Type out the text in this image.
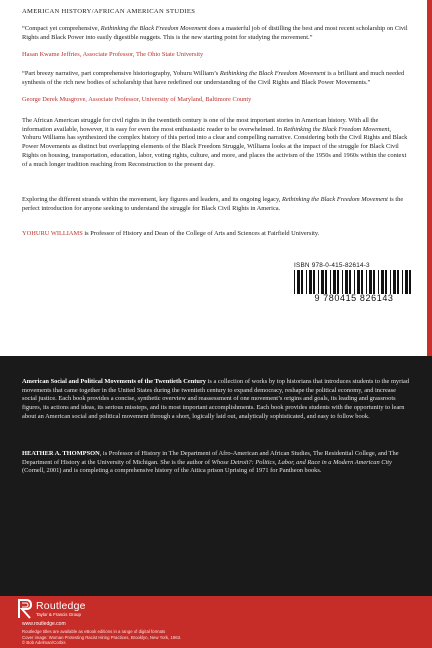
AMERICAN HISTORY/AFRICAN AMERICAN STUDIES

“Compact yet comprehensive, Rethinking the Black Freedom Movement does a masterful job of distilling the best and most recent scholarship on Civil Rights and Black Power into easily digestible nuggets. This is the new starting point for studying the movement.”

Hasan Kwame Jeffries, Associate Professor, The Ohio State University

“Part breezy narrative, part comprehensive historiography, Yohuru William’s Rethinking the Black Freedom Movement is a brilliant and much needed synthesis of the rich new bodies of scholarship that have redefined our understanding of the Civil Rights and Black Power Movements.”

George Derek Musgrove, Associate Professor, University of Maryland, Baltimore County

The African American struggle for civil rights in the twentieth century is one of the most important stories in American history. With all the information available, however, it is easy for even the most enthusiastic reader to be overwhelmed. In Rethinking the Black Freedom Movement, Yohuru Williams has synthesized the complex history of this period into a clear and compelling narrative. Considering both the Civil Rights and Black Power Movements as distinct but overlapping elements of the Black Freedom Struggle, Williams looks at the impact of the struggle for Black Civil Rights on housing, transportation, education, labor, voting rights, culture, and more, and places the activism of the 1950s and 1960s within the context of a much longer tradition reaching from Reconstruction to the present day.

Exploring the different strands within the movement, key figures and leaders, and its ongoing legacy, Rethinking the Black Freedom Movement is the perfect introduction for anyone seeking to understand the struggle for Black Civil Rights in America.

YOHURU WILLIAMS is Professor of History and Dean of the College of Arts and Sciences at Fairfield University.

American Social and Political Movements of the Twentieth Century is a collection of works by top historians that introduces students to the myriad movements that came together in the United States during the twentieth century to expand democracy, reshape the political economy, and increase social justice. Each book provides a concise, synthetic overview and reassessment of one movement’s origins and goals, its leading and grassroots figures, its actions and ideas, its serious missteps, and its most important accomplishments. Each book provides students with the opportunity to learn about an American social and political movement through a short, logically laid out, analytically sophisticated, and easy to follow book.

HEATHER A. THOMPSON, is Professor of History in The Department of Afro-American and African Studies, The Residential College, and The Department of History at the University of Michigan. She is the author of Whose Detroit?: Politics, Labor, and Race in a Modern American City (Cornell, 2001) and is completing a comprehensive history of the Attica prison Uprising of 1971 for Pantheon books.

Routledge
Taylor & Francis Group
www.routledge.com
Routledge titles are available as eBook editions in a range of digital formats
Cover image: Woman Protesting Racist Hiring Practices, Brooklyn, New York, 1963.
© Bob Adelman/Corbis
ISBN 978-0-415-82614-3
9 780415 826143
